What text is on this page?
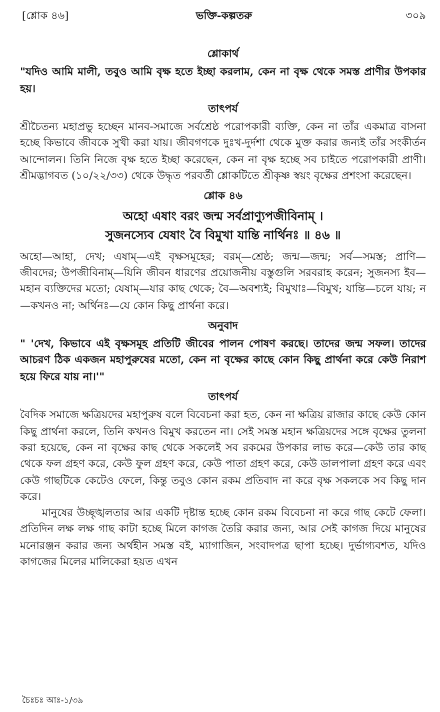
[শ্লোক ৪৬]	ভক্তি-কল্পতরু	৩০৯
শ্লোকার্থ

"যদিও আমি মালী, তবুও আমি বৃক্ষ হতে ইচ্ছা করলাম, কেন না বৃক্ষ থেকে সমস্ত প্রাণীর উপকার হয়।

তাৎপর্য

শ্রীচৈতন্য মহাপ্রভু হচ্ছেন মানব-সমাজে সর্বশ্রেষ্ঠ পরোপকারী ব্যক্তি, কেন না তাঁর একমাত্র বাসনা হচ্ছে কিভাবে জীবকে সুখী করা যায়। জীবগণকে দুঃখ-দুর্দশা থেকে মুক্ত করার জন্যই তাঁর সংকীর্তন আন্দোলন। তিনি নিজে বৃক্ষ হতে ইচ্ছা করেছেন, কেন না বৃক্ষ হচ্ছে সব চাইতে পরোপকারী প্রাণী। শ্রীমদ্ভাগবত (১০/২২/৩৩) থেকে উদ্ধৃত পরবর্তী শ্লোকটিতে শ্রীকৃষ্ণ স্বয়ং বৃক্ষের প্রশংসা করেছেন।

শ্লোক ৪৬
অহো এষাং বরং জন্ম সর্বপ্রাণ্যুপজীবিনাম্ ।
সুজনস্যেব যেষাং বৈ বিমুখা যান্তি নার্থিনঃ ॥ ৪৬ ॥

অহো—আহা, দেখ; এষাম্—এই বৃক্ষসমূহের; বরম্—শ্রেষ্ঠ; জন্ম—জন্ম; সর্ব—সমস্ত; প্রাণি—জীবদের; উপজীবিনাম্—যিনি জীবন ধারণের প্রয়োজনীয় বস্তুগুলি সরবরাহ করেন; সুজনস্য ইব—মহান ব্যক্তিদের মতো; যেষাম্—যার কাছ থেকে; বৈ—অবশ্যই; বিমুখাঃ—বিমুখ; যান্তি—চলে যায়; ন—কখনও না; অর্থিনঃ—যে কোন কিছু প্রার্থনা করে।

অনুবাদ

" 'দেখ, কিভাবে এই বৃক্ষসমূহ প্রতিটি জীবের পালন পোষণ করছে। তাদের জন্ম সফল। তাদের আচরণ ঠিক একজন মহাপুরুষের মতো, কেন না বৃক্ষের কাছে কোন কিছু প্রার্থনা করে কেউ নিরাশ হয়ে ফিরে যায় না।'"

তাৎপর্য

বৈদিক সমাজে ক্ষত্রিয়দের মহাপুরুষ বলে বিবেচনা করা হত, কেন না ক্ষত্রিয় রাজার কাছে কেউ কোন কিছু প্রার্থনা করলে, তিনি কখনও বিমুখ করতেন না। সেই সমস্ত মহান ক্ষত্রিয়দের সঙ্গে বৃক্ষের তুলনা করা হয়েছে, কেন না বৃক্ষের কাছ থেকে সকলেই সব রকমের উপকার লাভ করে—কেউ তার কাছ থেকে ফল গ্রহণ করে, কেউ ফুল গ্রহণ করে, কেউ পাতা গ্রহণ করে, কেউ ডালপালা গ্রহণ করে এবং কেউ গাছটিকে কেটেও ফেলে, কিন্তু তবুও কোন রকম প্রতিবাদ না করে বৃক্ষ সকলকে সব কিছু দান করে।

মানুষের উচ্ছৃঙ্খলতার আর একটি দৃষ্টান্ত হচ্ছে কোন রকম বিবেচনা না করে গাছ কেটে ফেলা। প্রতিদিন লক্ষ লক্ষ গাছ কাটা হচ্ছে মিলে কাগজ তৈরি করার জন্য, আর সেই কাগজ দিয়ে মানুষের মনোরঞ্জন করার জন্য অর্থহীন সমস্ত বই, ম্যাগাজিন, সংবাদপত্র ছাপা হচ্ছে। দুর্ভাগ্যবশত, যদিও কাগজের মিলের মালিকেরা হয়ত এখন

চৈঃচঃ আঃ-১/৩৯
